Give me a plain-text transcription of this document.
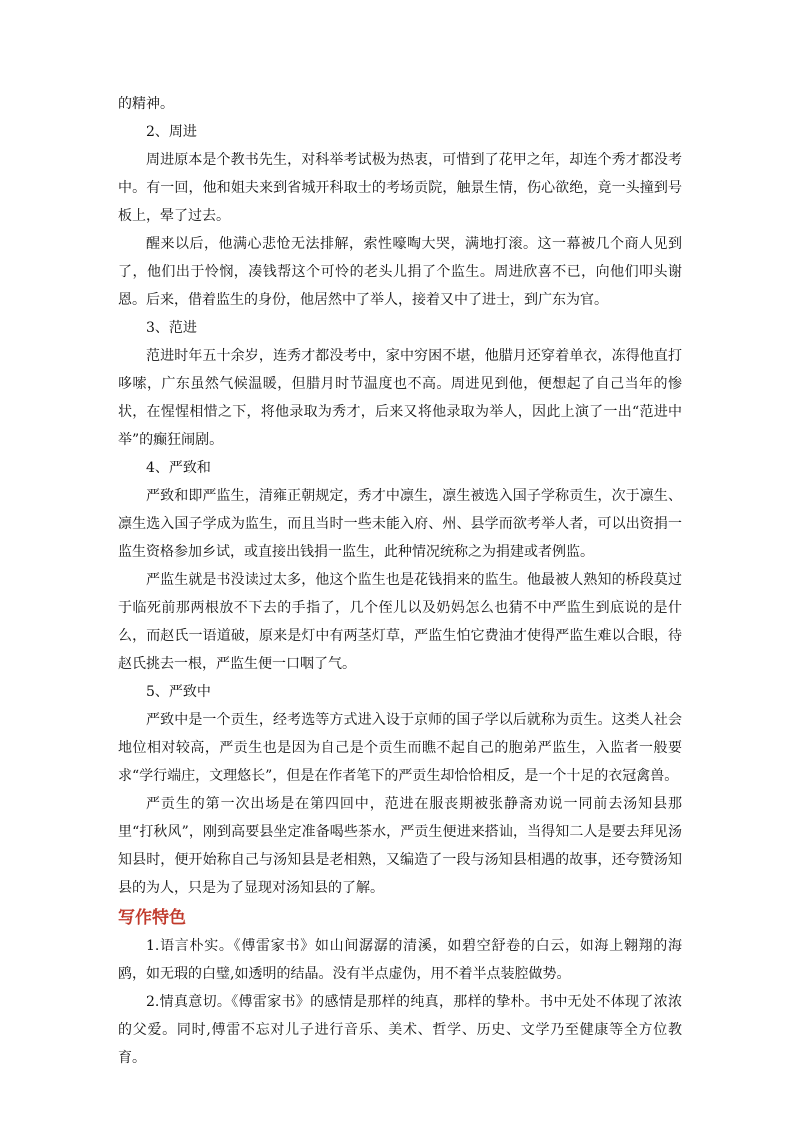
的精神。

2、周进

周进原本是个教书先生，对科举考试极为热衷，可惜到了花甲之年，却连个秀才都没考中。有一回，他和姐夫来到省城开科取士的考场贡院，触景生情，伤心欲绝，竟一头撞到号板上，晕了过去。

醒来以后，他满心悲怆无法排解，索性嚎啕大哭，满地打滚。这一幕被几个商人见到了，他们出于怜悯，凑钱帮这个可怜的老头儿捐了个监生。周进欣喜不已，向他们叩头谢恩。后来，借着监生的身份，他居然中了举人，接着又中了进士，到广东为官。

3、范进

范进时年五十余岁，连秀才都没考中，家中穷困不堪，他腊月还穿着单衣，冻得他直打哆嗦，广东虽然气候温暖，但腊月时节温度也不高。周进见到他，便想起了自己当年的惨状，在惺惺相惜之下，将他录取为秀才，后来又将他录取为举人，因此上演了一出“范进中举”的癫狂闹剧。

4、严致和

严致和即严监生，清雍正朝规定，秀才中凛生，凛生被选入国子学称贡生，次于凛生、凛生选入国子学成为监生，而且当时一些未能入府、州、县学而欲考举人者，可以出资捐一监生资格参加乡试，或直接出钱捐一监生，此种情况统称之为捐建或者例监。

严监生就是书没读过太多，他这个监生也是花钱捐来的监生。他最被人熟知的桥段莫过于临死前那两根放不下去的手指了，几个侄儿以及奶妈怎么也猜不中严监生到底说的是什么，而赵氏一语道破，原来是灯中有两茎灯草，严监生怕它费油才使得严监生难以合眼，待赵氏挑去一根，严监生便一口咽了气。

5、严致中

严致中是一个贡生，经考选等方式进入设于京师的国子学以后就称为贡生。这类人社会地位相对较高，严贡生也是因为自己是个贡生而瞧不起自己的胞弟严监生，入监者一般要求“学行端庄，文理悠长”，但是在作者笔下的严贡生却恰恰相反，是一个十足的衣冠禽兽。

严贡生的第一次出场是在第四回中，范进在服丧期被张静斋劝说一同前去汤知县那里“打秋风”，刚到高要县坐定准备喝些茶水，严贡生便进来搭讪，当得知二人是要去拜见汤知县时，便开始称自己与汤知县是老相熟，又编造了一段与汤知县相遇的故事，还夸赞汤知县的为人，只是为了显现对汤知县的了解。

写作特色

1.语言朴实。《傅雷家书》如山间潺潺的清溪，如碧空舒卷的白云，如海上翱翔的海鸥，如无瑕的白璧,如透明的结晶。没有半点虚伪，用不着半点装腔做势。

2.情真意切。《傅雷家书》的感情是那样的纯真，那样的挚朴。书中无处不体现了浓浓的父爱。同时,傅雷不忘对儿子进行音乐、美术、哲学、历史、文学乃至健康等全方位教育。
